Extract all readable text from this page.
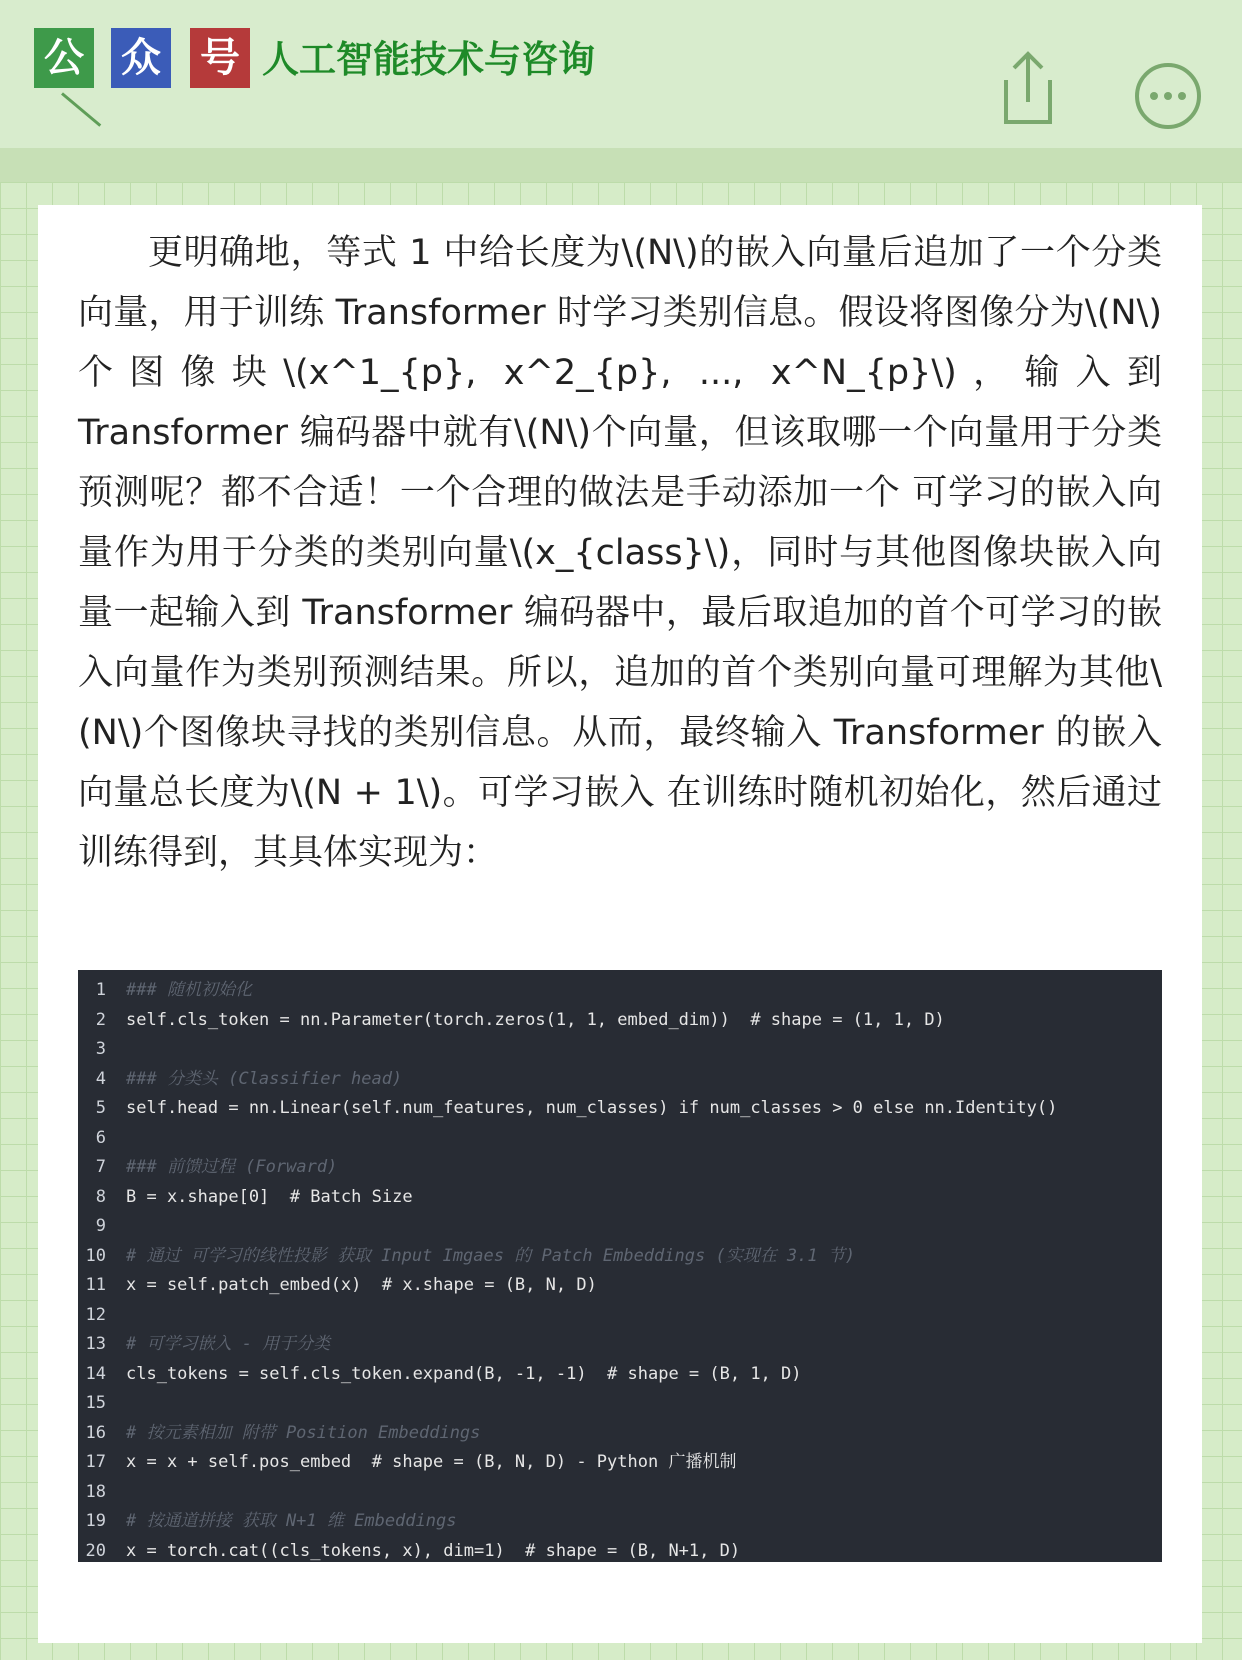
公 众 号 人工智能技术与咨询

更明确地，等式 1 中给长度为\(N\)的嵌入向量后追加了一个分类向量，用于训练 Transformer 时学习类别信息。假设将图像分为\(N\)个图像块\(x^1_{p}, x^2_{p}, ..., x^N_{p}\)，输入到 Transformer 编码器中就有\(N\)个向量，但该取哪一个向量用于分类预测呢？都不合适！一个合理的做法是手动添加一个 可学习的嵌入向量作为用于分类的类别向量\(x_{class}\)，同时与其他图像块嵌入向量一起输入到 Transformer 编码器中，最后取追加的首个可学习的嵌入向量作为类别预测结果。所以，追加的首个类别向量可理解为其他\(N\)个图像块寻找的类别信息。从而，最终输入 Transformer 的嵌入向量总长度为\(N + 1\)。可学习嵌入 在训练时随机初始化，然后通过训练得到，其具体实现为：

1 ### 随机初始化
2 self.cls_token = nn.Parameter(torch.zeros(1, 1, embed_dim))  # shape = (1, 1, D)
3
4 ### 分类头 (Classifier head)
5 self.head = nn.Linear(self.num_features, num_classes) if num_classes > 0 else nn.Identity()
6
7 ### 前馈过程 (Forward)
8 B = x.shape[0]  # Batch Size
9
10 # 通过 可学习的线性投影 获取 Input Imgaes 的 Patch Embeddings (实现在 3.1 节)
11 x = self.patch_embed(x)  # x.shape = (B, N, D)
12
13 # 可学习嵌入 - 用于分类
14 cls_tokens = self.cls_token.expand(B, -1, -1)  # shape = (B, 1, D)
15
16 # 按元素相加 附带 Position Embeddings
17 x = x + self.pos_embed  # shape = (B, N, D) - Python 广播机制
18
19 # 按通道拼接 获取 N+1 维 Embeddings
20 x = torch.cat((cls_tokens, x), dim=1)  # shape = (B, N+1, D)
